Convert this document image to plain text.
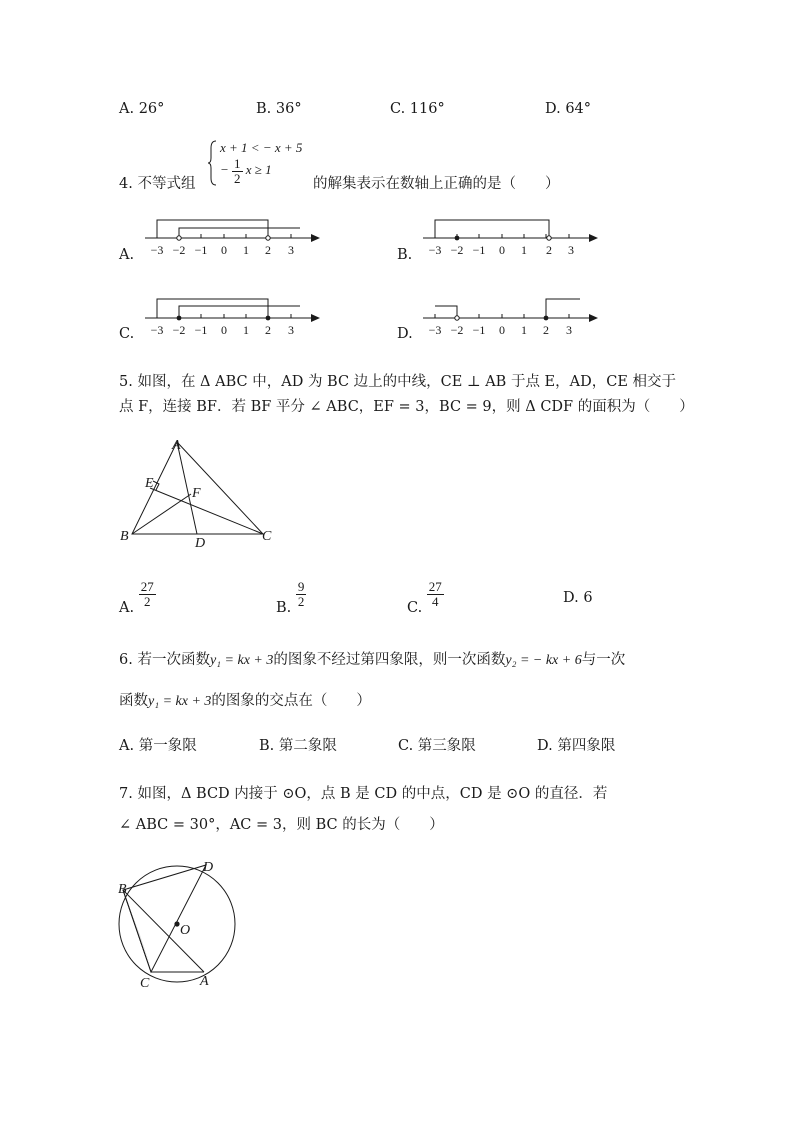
A. 26°	B. 36°	C. 116°	D. 64°
4. 不等式组
x + 1 < − x + 5
− $\frac{1}{2}$ x ≥ 1
的解集表示在数轴上正确的是（　　）
A.	B.
C.	D.
−3 −2 −1 0 1 2 3	−3 −2 −1 0 1 2 3
−3 −2 −1 0 1 2 3	−3 −2 −1 0 1 2 3
5. 如图，在 Δ ABC 中，AD 为 BC 边上的中线，CE ⊥ AB 于点 E，AD，CE 相交于
点 F，连接 BF．若 BF 平分 ∠ ABC，EF = 3，BC = 9，则 Δ CDF 的面积为（　　）
A
B	C
D
E
F
A. $\frac{27}{2}$	B. $\frac{9}{2}$	C. $\frac{27}{4}$	D. 6
6. 若一次函数y₁ = kx + 3的图象不经过第四象限，则一次函数y₂ = − kx + 6与一次
函数y₁ = kx + 3的图象的交点在（　　）
A. 第一象限	B. 第二象限	C. 第三象限	D. 第四象限
7. 如图，Δ BCD 内接于 ⊙O，点 B 是 CD 的中点，CD 是 ⊙O 的直径．若
∠ ABC = 30°，AC = 3，则 BC 的长为（　　）
B
D
O
C	A
